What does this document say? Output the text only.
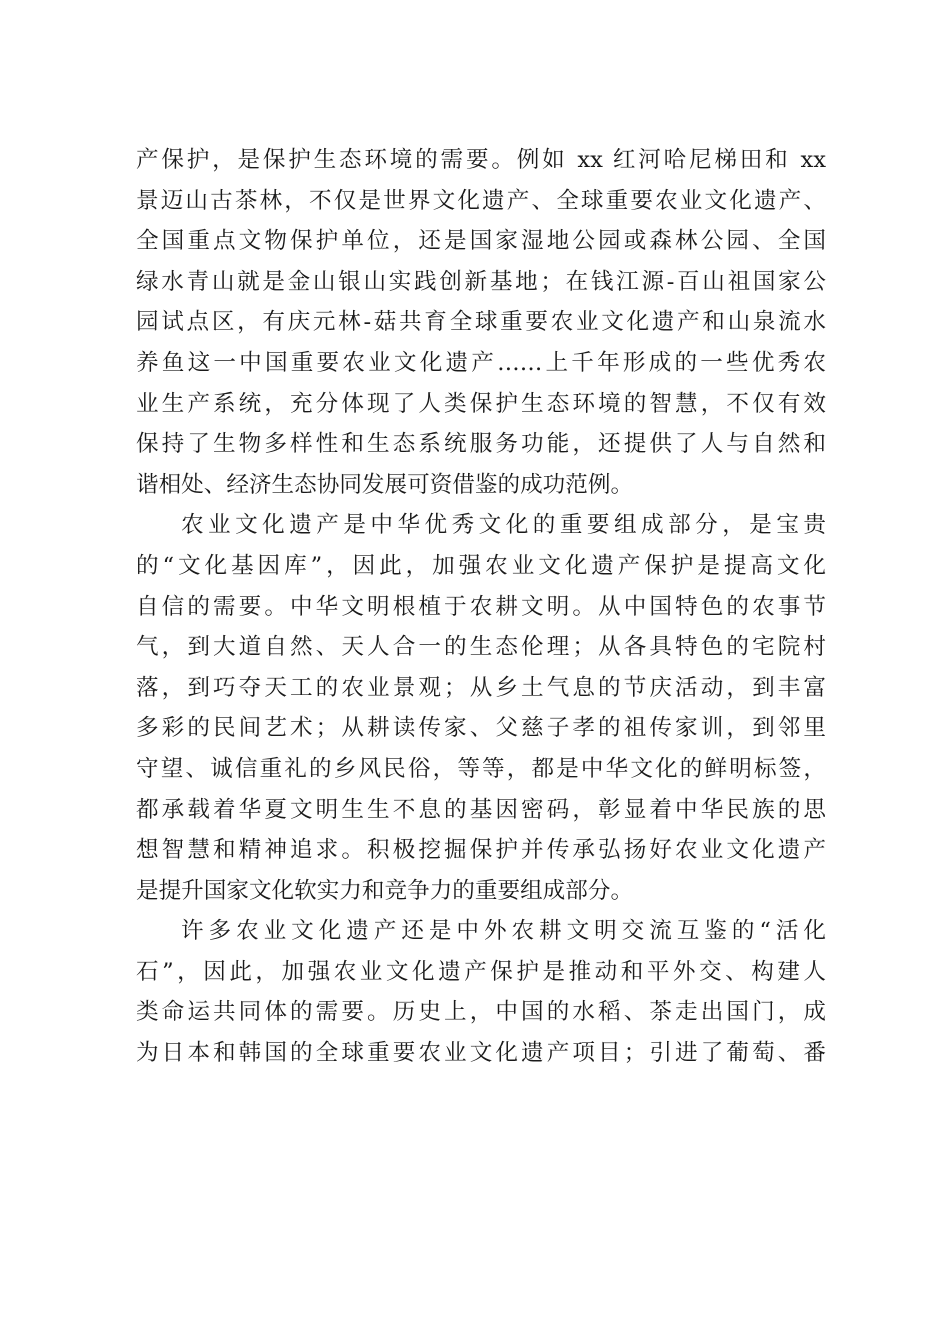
产保护，是保护生态环境的需要。例如 xx 红河哈尼梯田和 xx
景迈山古茶林，不仅是世界文化遗产、全球重要农业文化遗产、
全国重点文物保护单位，还是国家湿地公园或森林公园、全国
绿水青山就是金山银山实践创新基地；在钱江源-百山祖国家公
园试点区，有庆元林-菇共育全球重要农业文化遗产和山泉流水
养鱼这一中国重要农业文化遗产……上千年形成的一些优秀农
业生产系统，充分体现了人类保护生态环境的智慧，不仅有效
保持了生物多样性和生态系统服务功能，还提供了人与自然和
谐相处、经济生态协同发展可资借鉴的成功范例。
农业文化遗产是中华优秀文化的重要组成部分，是宝贵
的“文化基因库”，因此，加强农业文化遗产保护是提高文化
自信的需要。中华文明根植于农耕文明。从中国特色的农事节
气，到大道自然、天人合一的生态伦理；从各具特色的宅院村
落，到巧夺天工的农业景观；从乡土气息的节庆活动，到丰富
多彩的民间艺术；从耕读传家、父慈子孝的祖传家训，到邻里
守望、诚信重礼的乡风民俗，等等，都是中华文化的鲜明标签，
都承载着华夏文明生生不息的基因密码，彰显着中华民族的思
想智慧和精神追求。积极挖掘保护并传承弘扬好农业文化遗产
是提升国家文化软实力和竞争力的重要组成部分。
许多农业文化遗产还是中外农耕文明交流互鉴的“活化
石”，因此，加强农业文化遗产保护是推动和平外交、构建人
类命运共同体的需要。历史上，中国的水稻、茶走出国门，成
为日本和韩国的全球重要农业文化遗产项目；引进了葡萄、番
